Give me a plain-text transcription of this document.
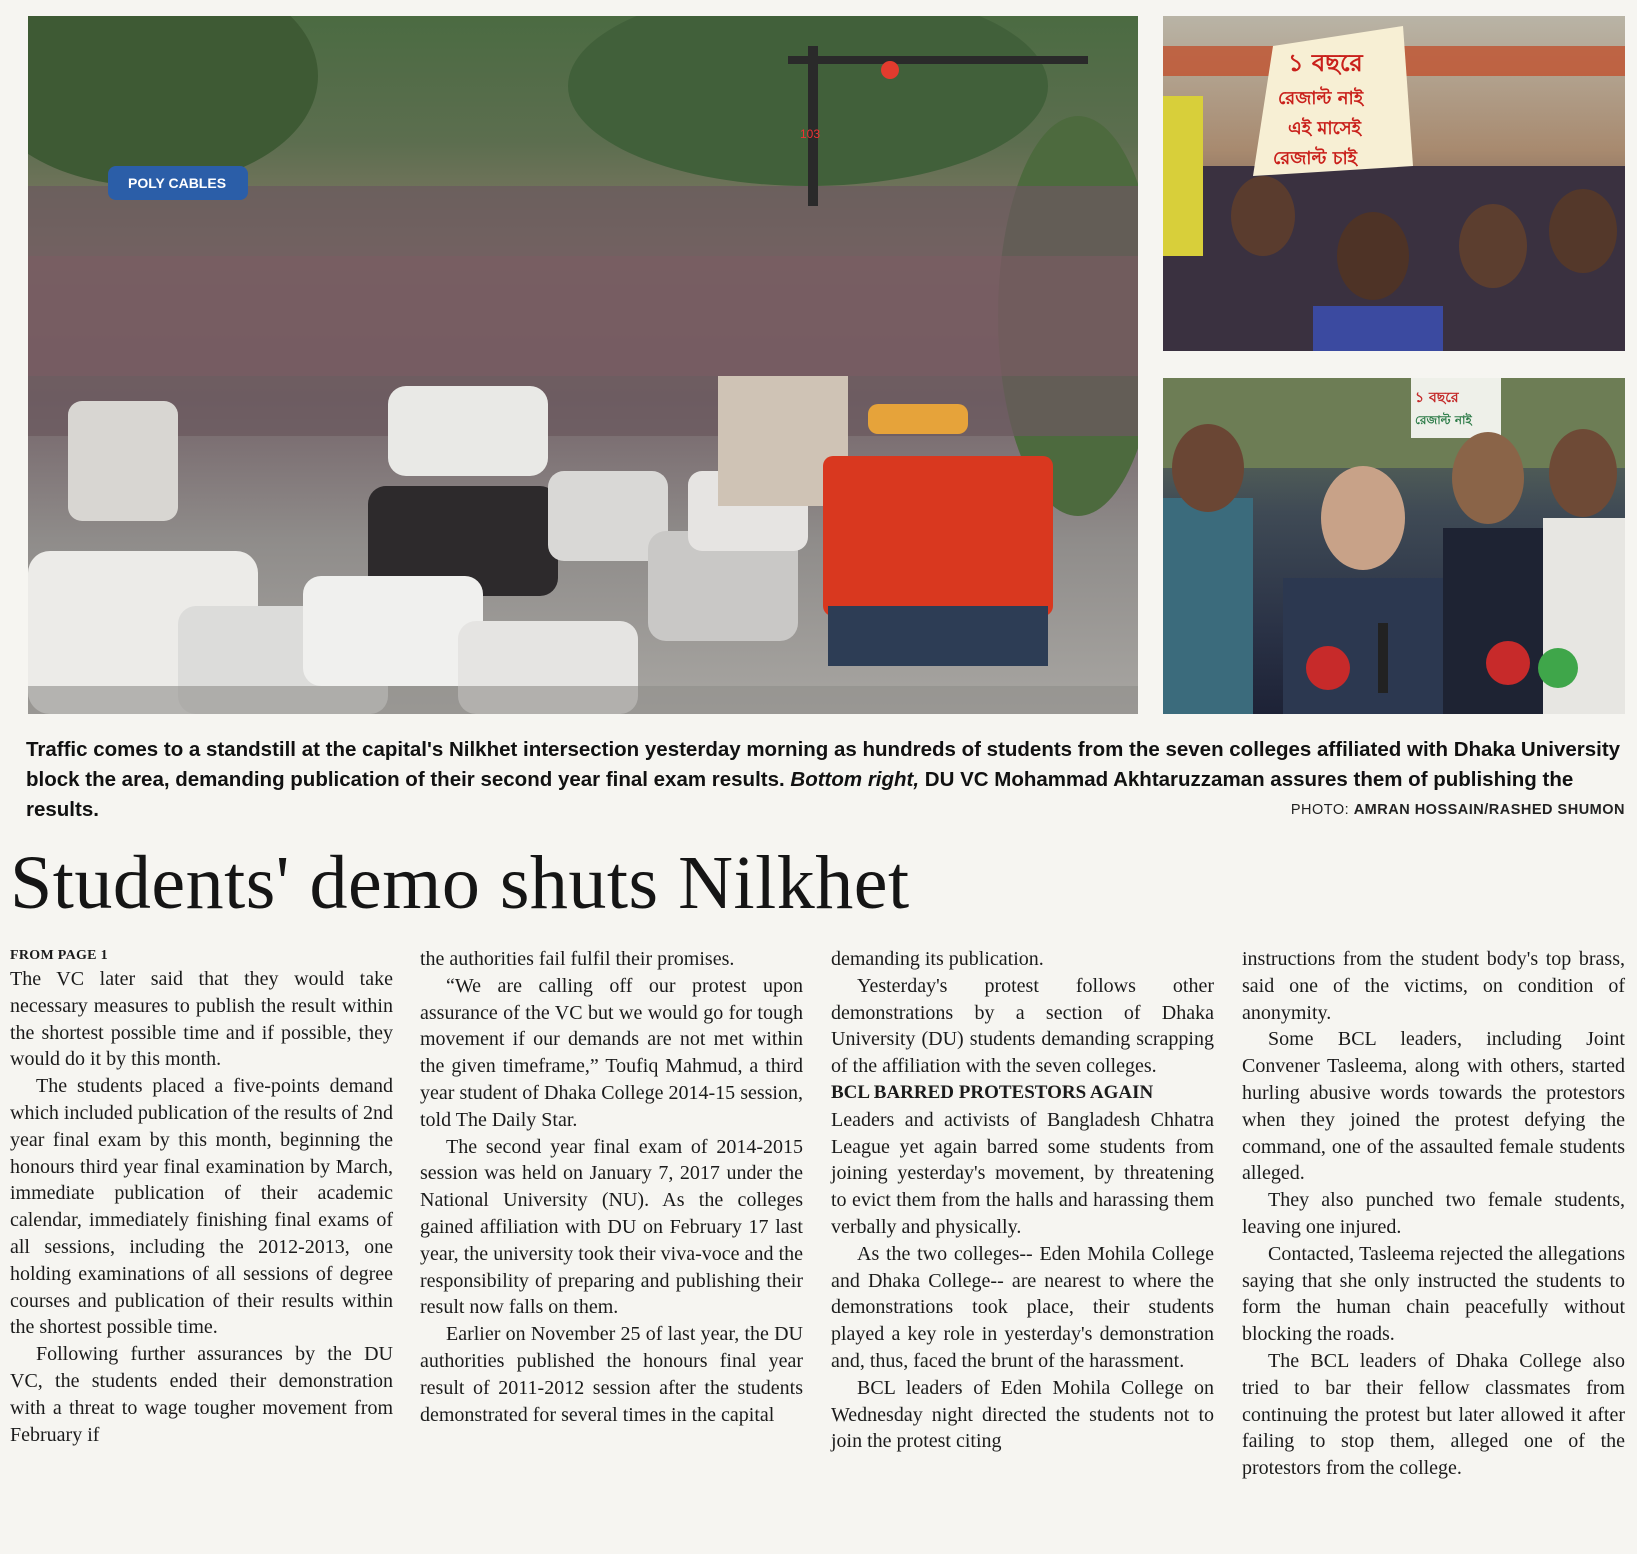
103
POLY CABLES
১ বছরে
রেজাল্ট নাই
এই মাসেই
রেজাল্ট চাই
১ বছরে
রেজাল্ট নাই
Traffic comes to a standstill at the capital's Nilkhet intersection yesterday morning as hundreds of students from the seven colleges affiliated with Dhaka University block the area, demanding publication of their second year final exam results. Bottom right, DU VC Mohammad Akhtaruzzaman assures them of publishing the results.	PHOTO: AMRAN HOSSAIN/RASHED SHUMON
Students' demo shuts Nilkhet
FROM PAGE 1

The VC later said that they would take necessary measures to publish the result within the shortest possible time and if possible, they would do it by this month.

The students placed a five-points demand which included publication of the results of 2nd year final exam by this month, beginning the honours third year final examination by March, immediate publication of their academic calendar, immediately finishing final exams of all sessions, including the 2012-2013, one holding examinations of all sessions of degree courses and publication of their results within the shortest possible time.

Following further assurances by the DU VC, the students ended their demonstration with a threat to wage tougher movement from February if

the authorities fail fulfil their promises.

“We are calling off our protest upon assurance of the VC but we would go for tough movement if our demands are not met within the given timeframe,” Toufiq Mahmud, a third year student of Dhaka College 2014-15 session, told The Daily Star.

The second year final exam of 2014-2015 session was held on January 7, 2017 under the National University (NU). As the colleges gained affiliation with DU on February 17 last year, the university took their viva-voce and the responsibility of preparing and publishing their result now falls on them.

Earlier on November 25 of last year, the DU authorities published the honours final year result of 2011-2012 session after the students demonstrated for several times in the capital

demanding its publication.

Yesterday's protest follows other demonstrations by a section of Dhaka University (DU) students demanding scrapping of the affiliation with the seven colleges.

BCL BARRED PROTESTORS AGAIN

Leaders and activists of Bangladesh Chhatra League yet again barred some students from joining yesterday's movement, by threatening to evict them from the halls and harassing them verbally and physically.

As the two colleges-- Eden Mohila College and Dhaka College-- are nearest to where the demonstrations took place, their students played a key role in yesterday's demonstration and, thus, faced the brunt of the harassment.

BCL leaders of Eden Mohila College on Wednesday night directed the students not to join the protest citing

instructions from the student body's top brass, said one of the victims, on condition of anonymity.

Some BCL leaders, including Joint Convener Tasleema, along with others, started hurling abusive words towards the protestors when they joined the protest defying the command, one of the assaulted female students alleged.

They also punched two female students, leaving one injured.

Contacted, Tasleema rejected the allegations saying that she only instructed the students to form the human chain peacefully without blocking the roads.

The BCL leaders of Dhaka College also tried to bar their fellow classmates from continuing the protest but later allowed it after failing to stop them, alleged one of the protestors from the college.
